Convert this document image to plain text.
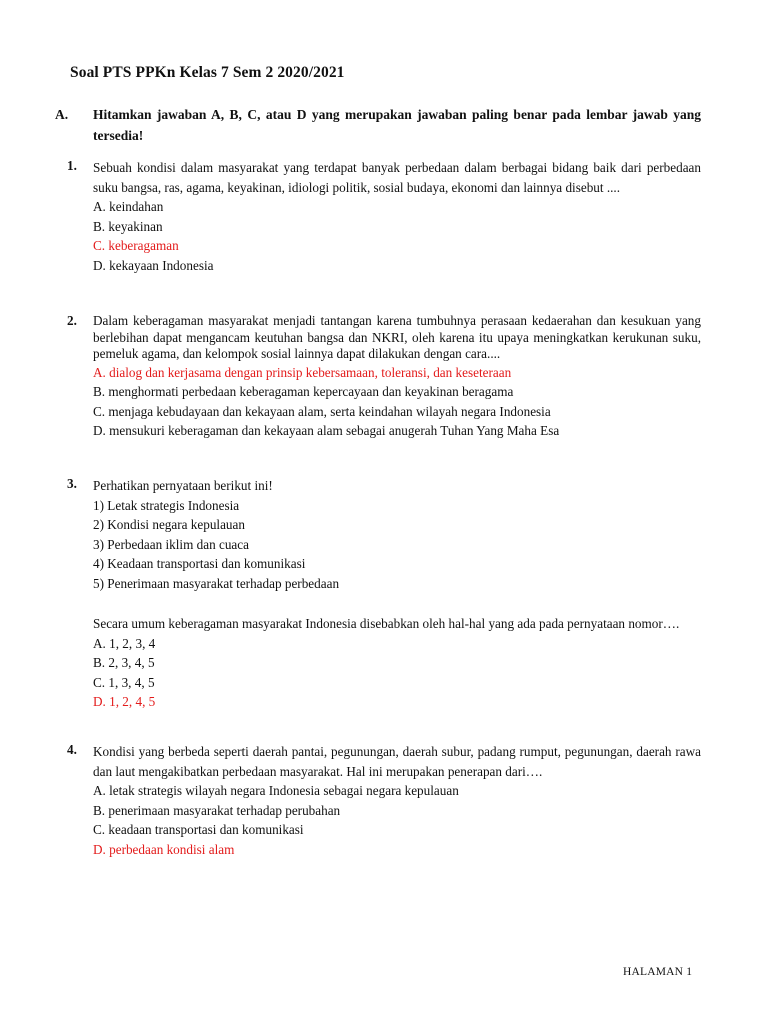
Soal PTS PPKn Kelas 7 Sem 2 2020/2021
A. Hitamkan jawaban A, B, C, atau D yang merupakan jawaban paling benar pada lembar jawab yang tersedia!
1. Sebuah kondisi dalam masyarakat yang terdapat banyak perbedaan dalam berbagai bidang baik dari perbedaan suku bangsa, ras, agama, keyakinan, idiologi politik, sosial budaya, ekonomi dan lainnya disebut ....

A. keindahan
B. keyakinan
C. keberagaman
D. kekayaan Indonesia
2. Dalam keberagaman masyarakat menjadi tantangan karena tumbuhnya perasaan kedaerahan dan kesukuan yang berlebihan dapat mengancam keutuhan bangsa dan NKRI, oleh karena itu upaya meningkatkan kerukunan suku, pemeluk agama, dan kelompok sosial lainnya dapat dilakukan dengan cara....

A. dialog dan kerjasama dengan prinsip kebersamaan, toleransi, dan keseteraan
B. menghormati perbedaan keberagaman kepercayaan dan keyakinan beragama
C. menjaga kebudayaan dan kekayaan alam, serta keindahan wilayah negara Indonesia
D. mensukuri keberagaman dan kekayaan alam sebagai anugerah Tuhan Yang Maha Esa
3. Perhatikan pernyataan berikut ini!

1) Letak strategis Indonesia
2) Kondisi negara kepulauan
3) Perbedaan iklim dan cuaca
4) Keadaan transportasi dan komunikasi
5) Penerimaan masyarakat terhadap perbedaan

Secara umum keberagaman masyarakat Indonesia disebabkan oleh hal-hal yang ada pada pernyataan nomor….

A. 1, 2, 3, 4
B. 2, 3, 4, 5
C. 1, 3, 4, 5
D. 1, 2, 4, 5
4. Kondisi yang berbeda seperti daerah pantai, pegunungan, daerah subur, padang rumput, pegunungan, daerah rawa dan laut mengakibatkan perbedaan masyarakat. Hal ini merupakan penerapan dari….

A. letak strategis wilayah negara Indonesia sebagai negara kepulauan
B. penerimaan masyarakat terhadap perubahan
C. keadaan transportasi dan komunikasi
D. perbedaan kondisi alam
HALAMAN 1
